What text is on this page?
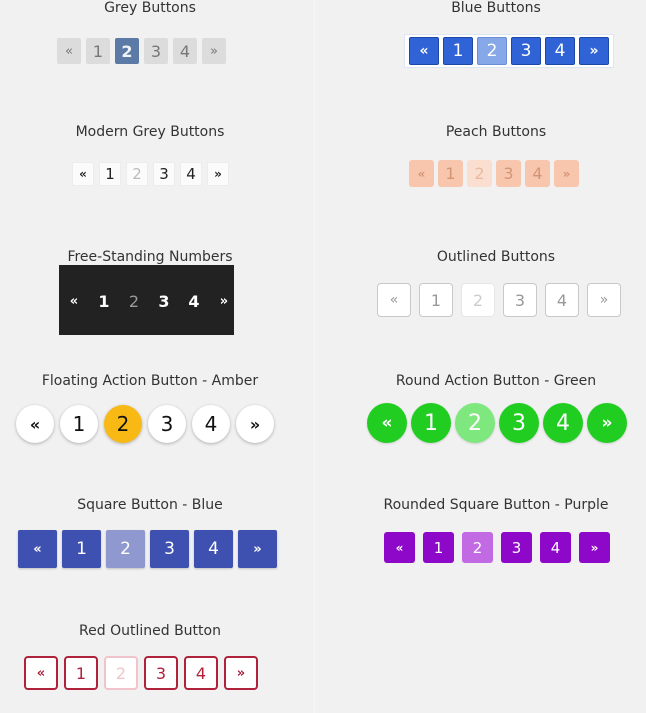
Grey Buttons
«	1	2	3	4	»
Blue Buttons
«	1	2	3	4	»
Modern Grey Buttons
«	1	2	3	4	»
Peach Buttons
«	1	2	3	4	»
Free-Standing Numbers
«	1	2	3	4	»
Outlined Buttons
«	1	2	3	4	»
Floating Action Button - Amber
«	1	2	3	4	»
Round Action Button - Green
«	1	2	3	4	»
Square Button - Blue
«	1	2	3	4	»
Rounded Square Button - Purple
«	1	2	3	4	»
Red Outlined Button
«	1	2	3	4	»
